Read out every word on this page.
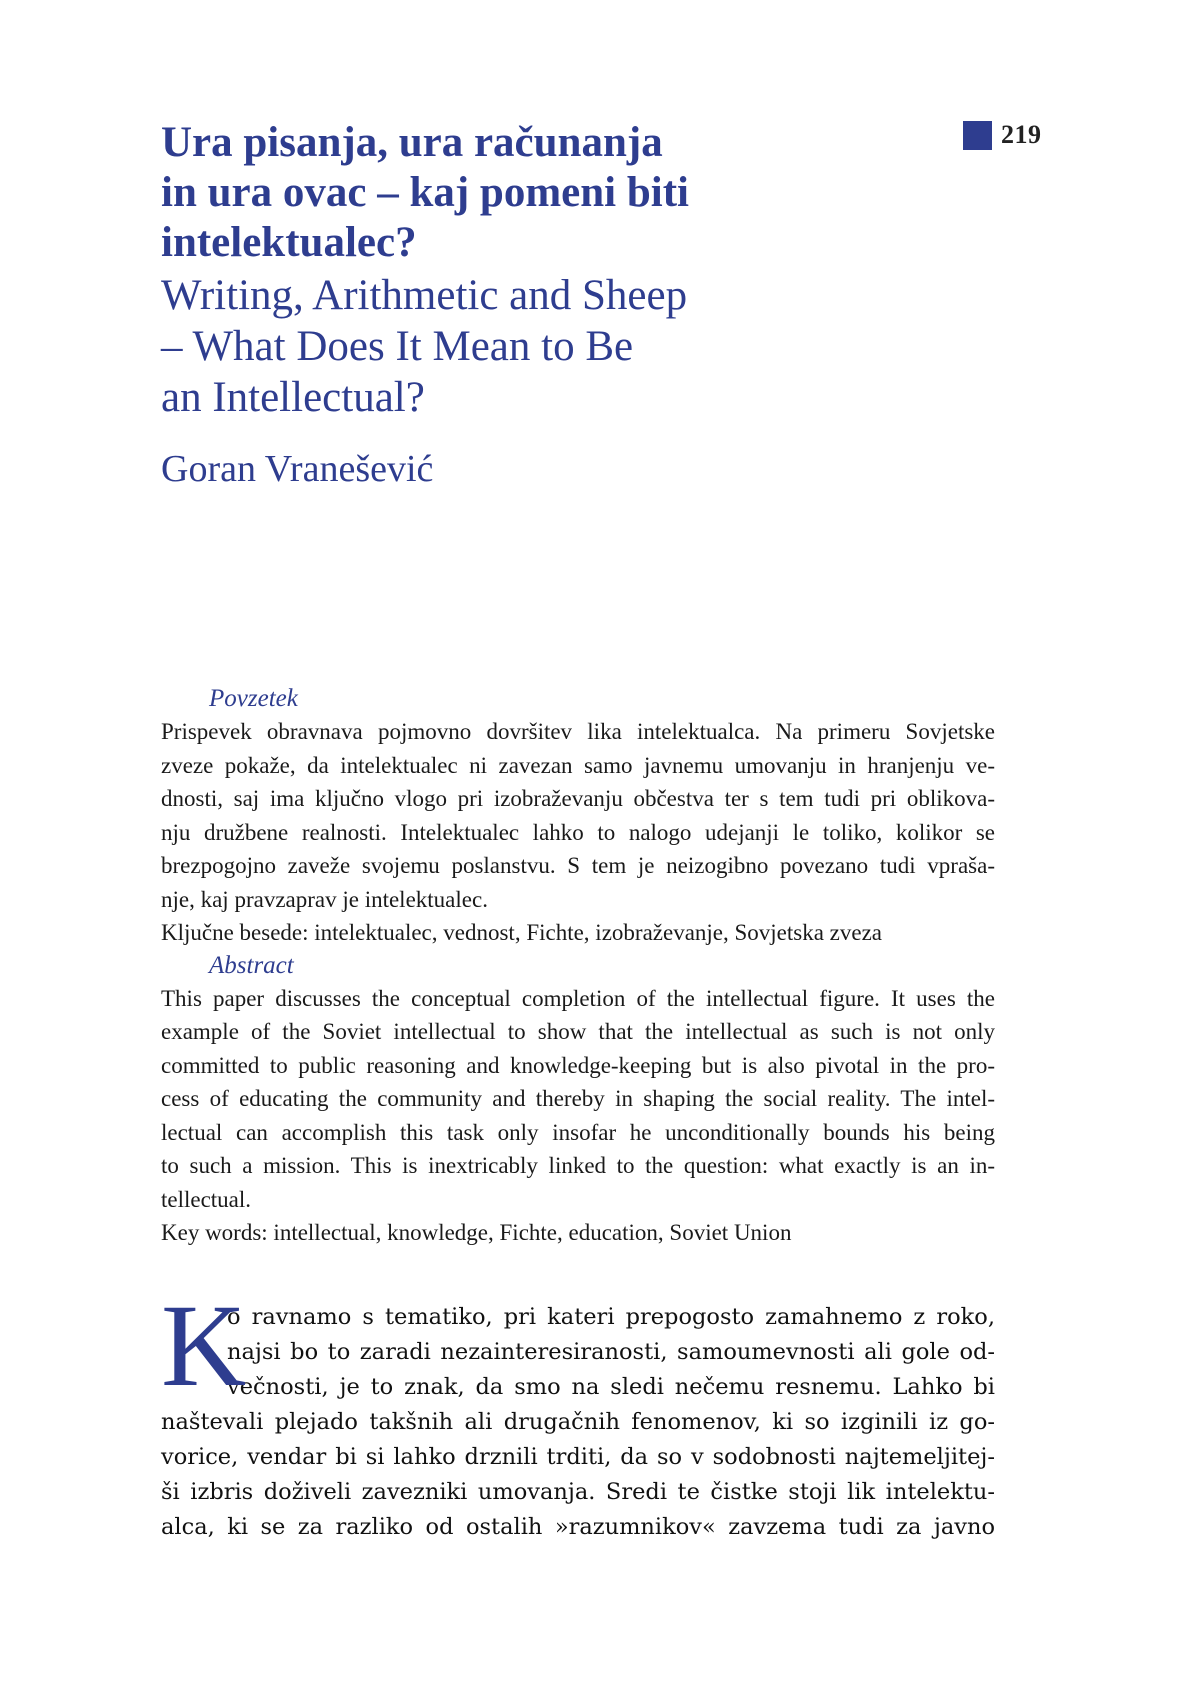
219
Ura pisanja, ura računanja
in ura ovac – kaj pomeni biti
intelektualec?
Writing, Arithmetic and Sheep
– What Does It Mean to Be
an Intellectual?
Goran Vranešević
Povzetek
Prispevek obravnava pojmovno dovršitev lika intelektualca. Na primeru Sovjetske
zveze pokaže, da intelektualec ni zavezan samo javnemu umovanju in hranjenju ve-
dnosti, saj ima ključno vlogo pri izobraževanju občestva ter s tem tudi pri oblikova-
nju družbene realnosti. Intelektualec lahko to nalogo udejanji le toliko, kolikor se
brezpogojno zaveže svojemu poslanstvu. S tem je neizogibno povezano tudi vpraša-
nje, kaj pravzaprav je intelektualec.
Ključne besede: intelektualec, vednost, Fichte, izobraževanje, Sovjetska zveza
Abstract
This paper discusses the conceptual completion of the intellectual figure. It uses the
example of the Soviet intellectual to show that the intellectual as such is not only
committed to public reasoning and knowledge-keeping but is also pivotal in the pro-
cess of educating the community and thereby in shaping the social reality. The intel-
lectual can accomplish this task only insofar he unconditionally bounds his being
to such a mission. This is inextricably linked to the question: what exactly is an in-
tellectual.
Key words: intellectual, knowledge, Fichte, education, Soviet Union
K
o ravnamo s tematiko, pri kateri prepogosto zamahnemo z roko,
najsi bo to zaradi nezainteresiranosti, samoumevnosti ali gole od-
večnosti, je to znak, da smo na sledi nečemu resnemu. Lahko bi
naštevali plejado takšnih ali drugačnih fenomenov, ki so izginili iz go-
vorice, vendar bi si lahko drznili trditi, da so v sodobnosti najtemeljitej-
ši izbris doživeli zavezniki umovanja. Sredi te čistke stoji lik intelektu-
alca, ki se za razliko od ostalih »razumnikov« zavzema tudi za javno
